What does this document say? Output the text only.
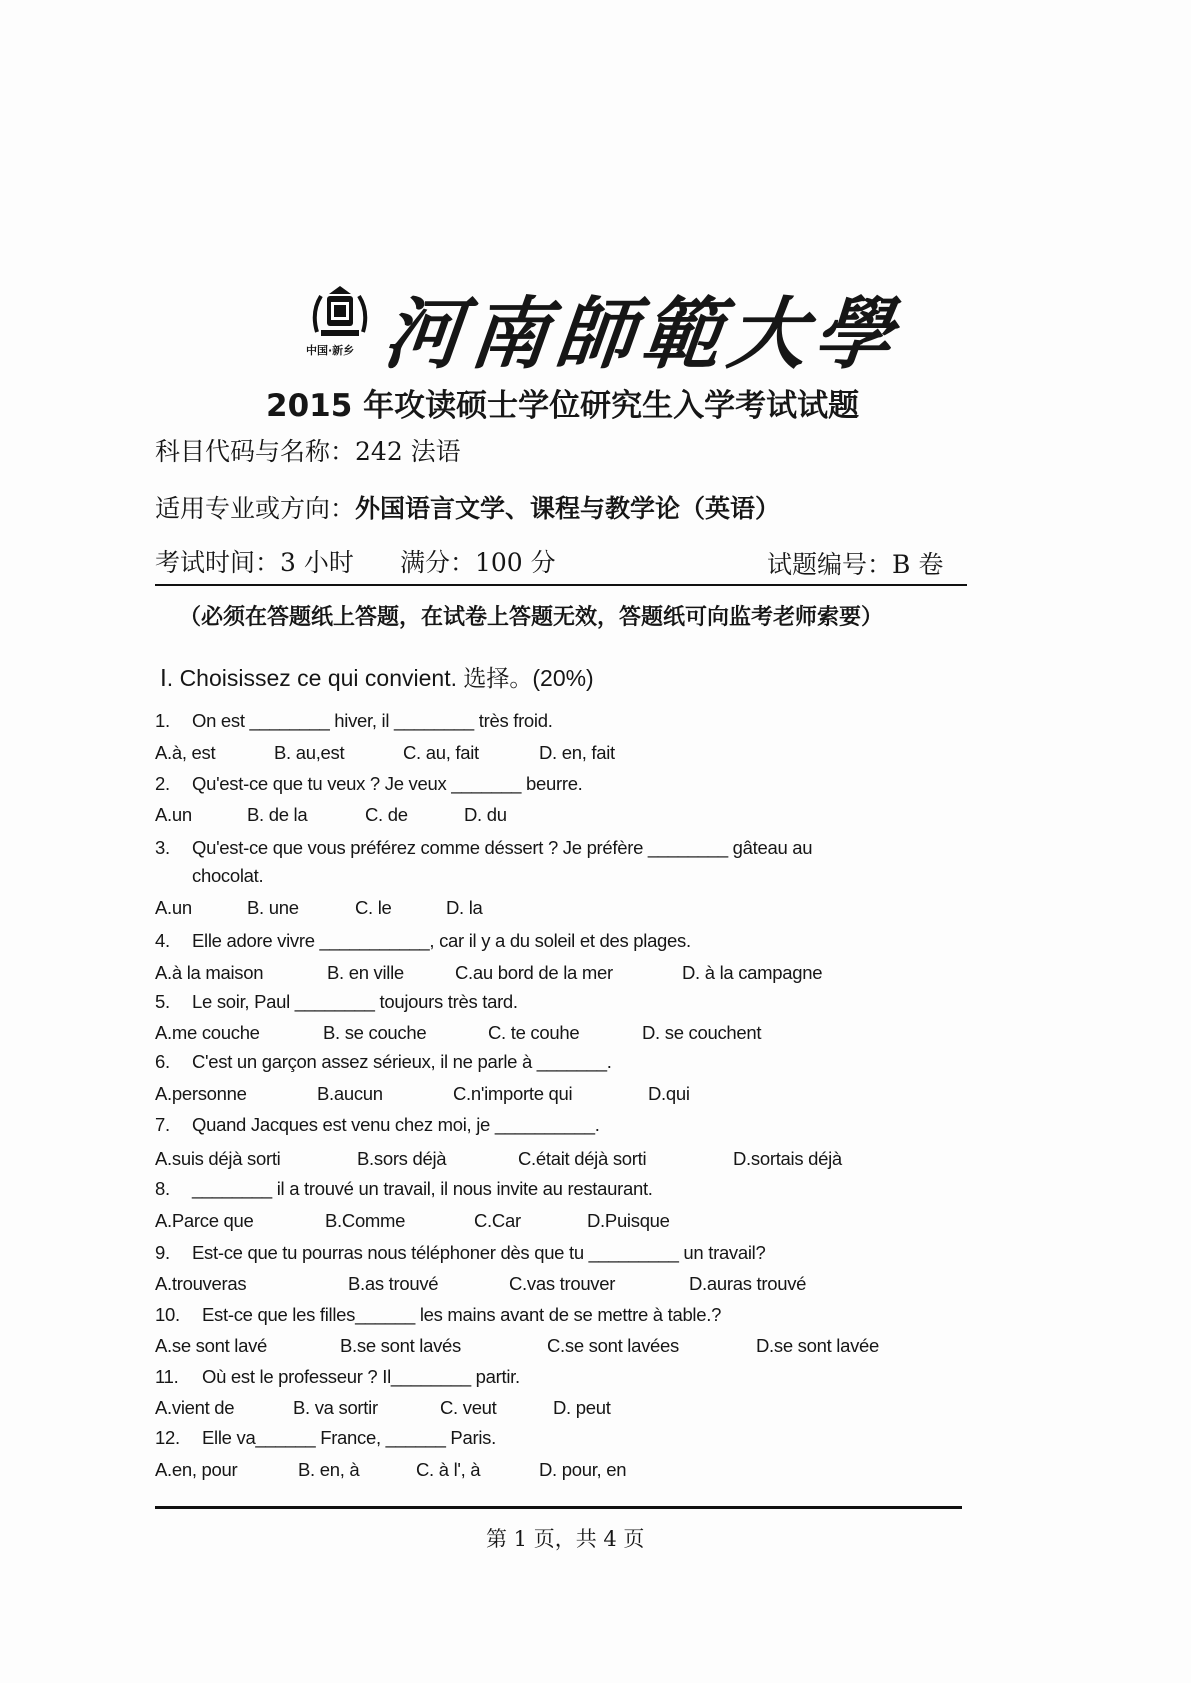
中国·新乡 河南師範大學
2015 年攻读硕士学位研究生入学考试试题
科目代码与名称：242 法语
适用专业或方向：外国语言文学、课程与教学论（英语）
考试时间：3 小时 满分：100 分	试题编号：B 卷
（必须在答题纸上答题，在试卷上答题无效，答题纸可向监考老师索要）
Ⅰ. Choisissez ce qui convient. 选择。(20%)
1. On est ________ hiver, il ________ très froid.
A.à, est	B. au,est	C. au, fait	D. en, fait
2. Qu'est-ce que tu veux ? Je veux _______ beurre.
A.un	B. de la	C. de	D. du
3. Qu'est-ce que vous préférez comme déssert ? Je préfère ________ gâteau au
chocolat.
A.un	B. une	C. le	D. la
4. Elle adore vivre ___________, car il y a du soleil et des plages.
A.à la maison	B. en ville	C.au bord de la mer	D. à la campagne
5. Le soir, Paul ________ toujours très tard.
A.me couche	B. se couche	C. te couhe	D. se couchent
6. C'est un garçon assez sérieux, il ne parle à _______.
A.personne	B.aucun	C.n'importe qui	D.qui
7. Quand Jacques est venu chez moi, je __________.
A.suis déjà sorti	B.sors déjà	C.était déjà sorti	D.sortais déjà
8. ________ il a trouvé un travail, il nous invite au restaurant.
A.Parce que	B.Comme	C.Car	D.Puisque
9. Est-ce que tu pourras nous téléphoner dès que tu _________ un travail?
A.trouveras	B.as trouvé	C.vas trouver	D.auras trouvé
10. Est-ce que les filles______ les mains avant de se mettre à table.?
A.se sont lavé	B.se sont lavés	C.se sont lavées	D.se sont lavée
11. Où est le professeur ? Il________ partir.
A.vient de	B. va sortir	C. veut	D. peut
12. Elle va______ France, ______ Paris.
A.en, pour	B. en, à	C. à l', à	D. pour, en
第 1 页，共 4 页
